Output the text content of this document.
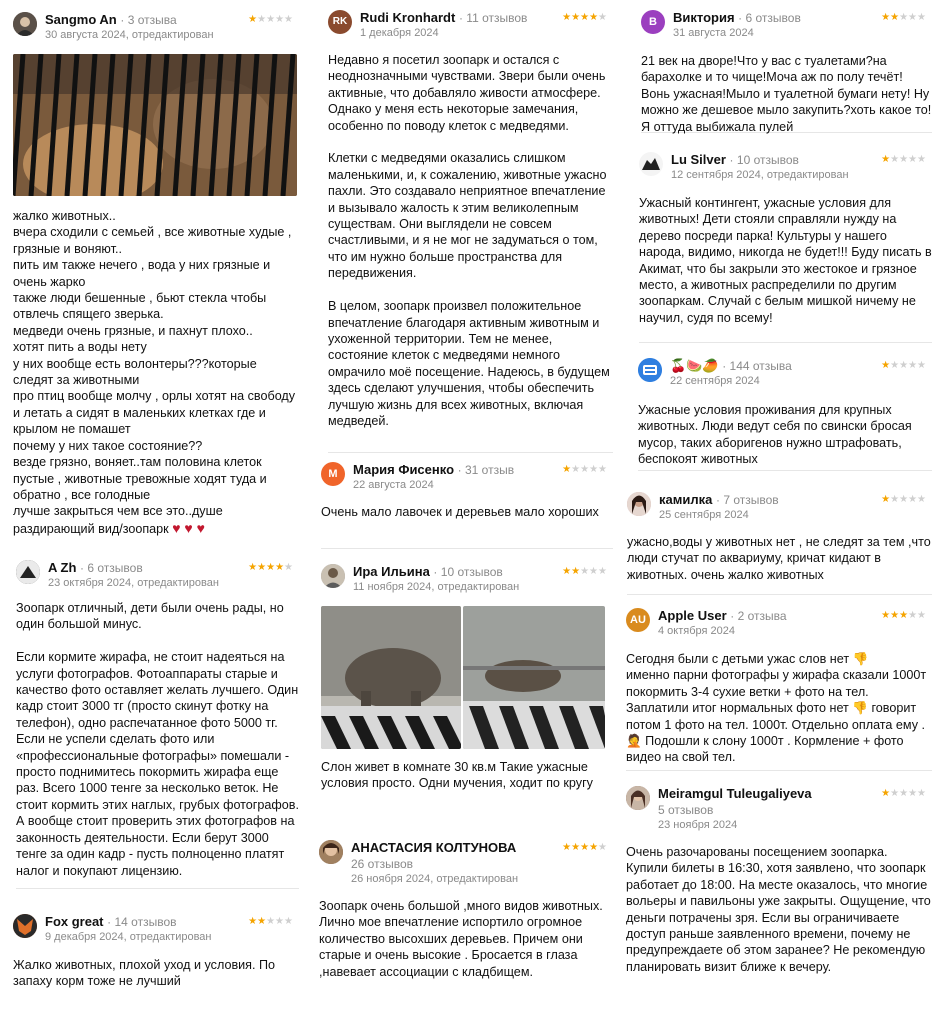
Sangmo An · 3 отзыва
30 августа 2024, отредактирован
★★★★★

жалко животных..
вчера сходили с семьей , все животные худые , грязные и воняют..
пить им также нечего , вода у них грязные и очень жарко
также люди бешенные , бьют стекла чтобы отвлечь спящего зверька.
медведи очень грязные, и пахнут плохо..
хотят пить а воды нету
у них вообще есть волонтеры???которые следят за животными
про птиц вообще молчу , орлы хотят на свободу и летать а сидят в маленьких клетках где и крылом не помашет
почему у них такое состояние??
везде грязно, воняет..там половина клеток пустые , животные тревожные ходят туда и обратно , все голодные
лучше закрыться чем все это..душе раздирающий вид/зоопарк ♥ ♥ ♥

A Zh · 6 отзывов
23 октября 2024, отредактирован
★★★★★

Зоопарк отличный, дети были очень рады, но один большой минус.

Если кормите жирафа, не стоит надеяться на услуги фотографов. Фотоаппараты старые и качество фото оставляет желать лучшего. Один кадр стоит 3000 тг (просто скинут фотку на телефон), одно распечатанное фото 5000 тг. Если не успели сделать фото или «профессиональные фотографы» помешали - просто поднимитесь покормить жирафа еще раз. Всего 1000 тенге за несколько веток. Не стоит кормить этих наглых, грубых фотографов.
А вообще стоит проверить этих фотографов на законность деятельности. Если берут 3000 тенге за один кадр - пусть полноценно платят налог и покупают лицензию.

Fox great · 14 отзывов
9 декабря 2024, отредактирован
★★★★★

Жалко животных, плохой уход и условия. По запаху корм тоже не лучший

RK Rudi Kronhardt · 11 отзывов
1 декабря 2024
★★★★★

Недавно я посетил зоопарк и остался с неоднозначными чувствами. Звери были очень активные, что добавляло живости атмосфере. Однако у меня есть некоторые замечания, особенно по поводу клеток с медведями.

Клетки с медведями оказались слишком маленькими, и, к сожалению, животные ужасно пахли. Это создавало неприятное впечатление и вызывало жалость к этим великолепным существам. Они выглядели не совсем счастливыми, и я не мог не задуматься о том, что им нужно больше пространства для передвижения.

В целом, зоопарк произвел положительное впечатление благодаря активным животным и ухоженной территории. Тем не менее, состояние клеток с медведями немного омрачило моё посещение. Надеюсь, в будущем здесь сделают улучшения, чтобы обеспечить лучшую жизнь для всех животных, включая медведей.

М	Мария Фисенко · 31 отзыв
22 августа 2024
★★★★★

Очень мало лавочек и деревьев мало хороших

Ира Ильина · 10 отзывов
11 ноября 2024, отредактирован
★★★★★

Слон живет в комнате 30 кв.м Такие ужасные условия просто. Одни мучения, ходит по кругу

АНАСТАСИЯ КОЛТУНОВА
26 отзывов
26 ноября 2024, отредактирован
★★★★★

Зоопарк очень большой ,много видов животных. Лично мое впечатление испортило огромное количество высохших деревьев. Причем они старые и очень высокие . Бросается в глаза ,навевает ассоциации с кладбищем.

В	Виктория · 6 отзывов
31 августа 2024
★★★★★

21 век на дворе!Что у вас с туалетами?на барахолке и то чище!Моча аж по полу течёт! Вонь ужасная!Мыло и туалетной бумаги нету! Ну можно же дешевое мыло закупить?хоть какое то!Я оттуда выбижала пулей

Lu Silver · 10 отзывов
12 сентября 2024, отредактирован
★★★★★

Ужасный контингент, ужасные условия для животных! Дети стояли справляли нужду на дерево посреди парка! Культуры у нашего народа, видимо, никогда не будет!!! Буду писать в Акимат, что бы закрыли это жестокое и грязное место, а животных распределили по другим зоопаркам. Случай с белым мишкой ничему не научил, судя по всему!

🍒🍉🥭 · 144 отзыва
22 сентября 2024
★★★★★

Ужасные условия проживания для крупных животных. Люди ведут себя по свински бросая мусор, таких аборигенов нужно штрафовать, беспокоят животных

камилка · 7 отзывов
25 сентября 2024
★★★★★

ужасно,воды у животных нет , не следят за тем ,что люди стучат по аквариуму, кричат кидают в животных. очень жалко животных

AU Apple User · 2 отзыва
4 октября 2024
★★★★★

Сегодня были с детьми ужас слов нет 👎
именно парни фотографы у жирафа сказали 1000т покормить 3-4 сухие ветки + фото на тел. Заплатили итог нормальных фото нет 👎 говорит потом 1 фото на тел. 1000т. Отдельно оплата ему . 🤦 Подошли к слону 1000т . Кормление + фото видео на свой тел.

Meiramgul Tuleugaliyeva
5 отзывов
23 ноября 2024
★★★★★

Очень разочарованы посещением зоопарка. Купили билеты в 16:30, хотя заявлено, что зоопарк работает до 18:00. На месте оказалось, что многие вольеры и павильоны уже закрыты. Ощущение, что деньги потрачены зря. Если вы ограничиваете доступ раньше заявленного времени, почему не предупреждаете об этом заранее? Не рекомендую планировать визит ближе к вечеру.
